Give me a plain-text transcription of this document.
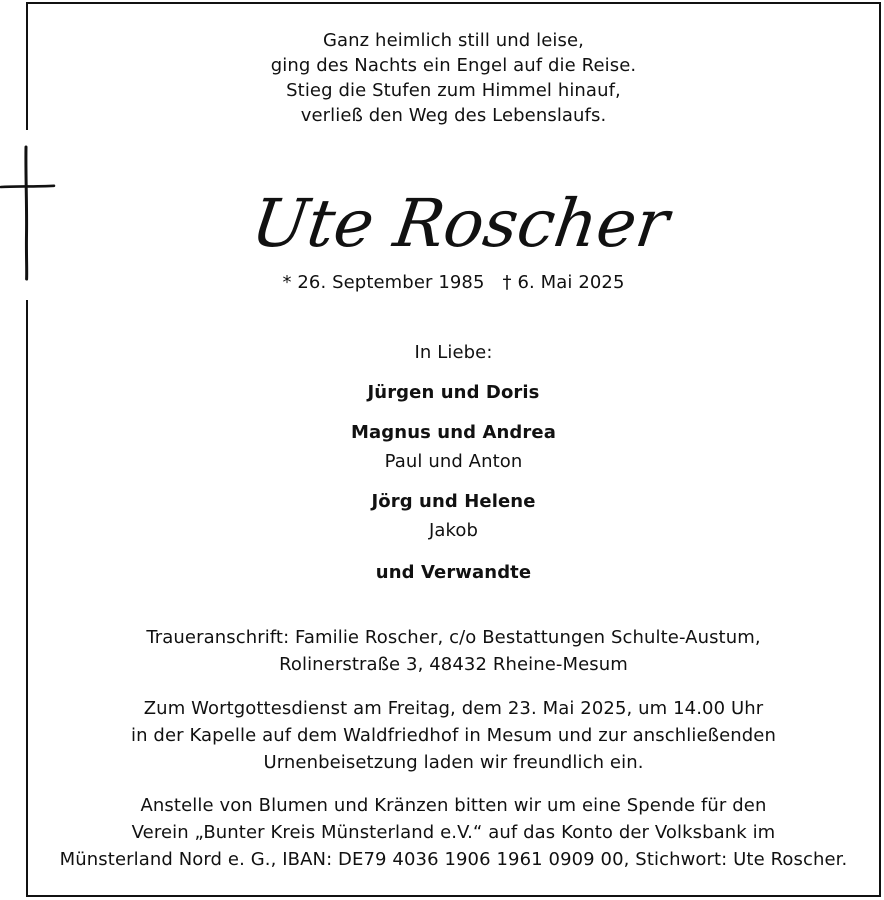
Ganz heimlich still und leise,
ging des Nachts ein Engel auf die Reise.
Stieg die Stufen zum Himmel hinauf,
verließ den Weg des Lebenslaufs.
Ute Roscher
* 26. September 1985 † 6. Mai 2025
In Liebe:
Jürgen und Doris
Magnus und Andrea
Paul und Anton
Jörg und Helene
Jakob
und Verwandte
Traueranschrift: Familie Roscher, c/o Bestattungen Schulte-Austum,
Rolinerstraße 3, 48432 Rheine-Mesum
Zum Wortgottesdienst am Freitag, dem 23. Mai 2025, um 14.00 Uhr
in der Kapelle auf dem Waldfriedhof in Mesum und zur anschließenden
Urnenbeisetzung laden wir freundlich ein.
Anstelle von Blumen und Kränzen bitten wir um eine Spende für den
Verein „Bunter Kreis Münsterland e.V.“ auf das Konto der Volksbank im
Münsterland Nord e. G., IBAN: DE79 4036 1906 1961 0909 00, Stichwort: Ute Roscher.
